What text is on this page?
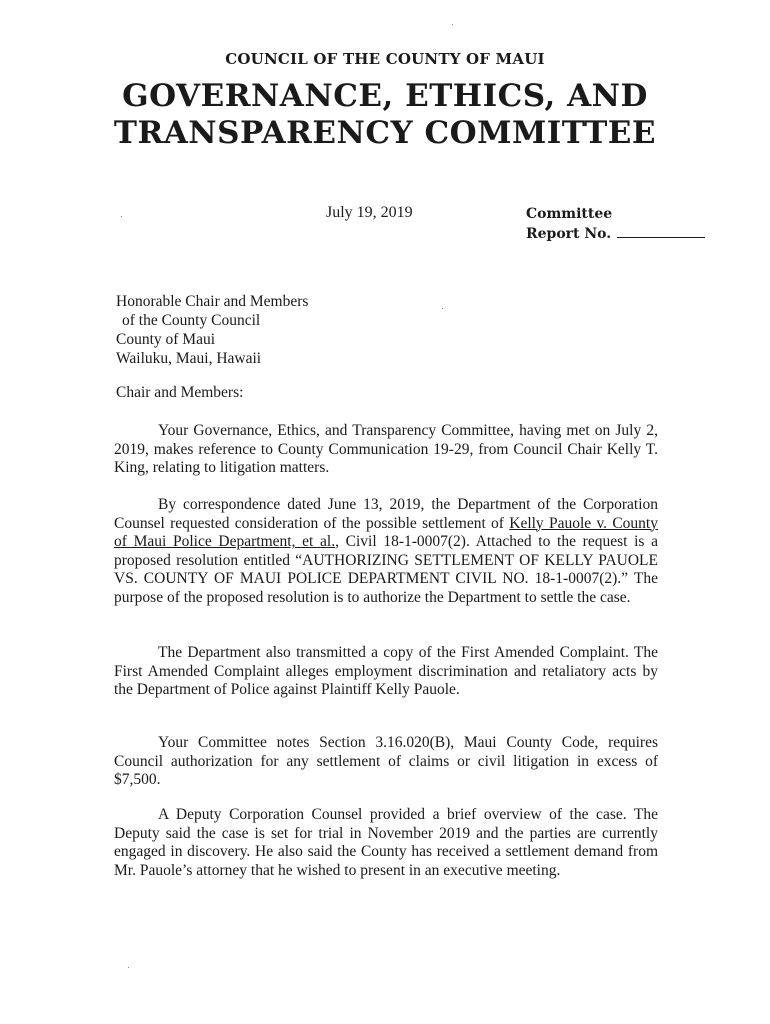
COUNCIL OF THE COUNTY OF MAUI
GOVERNANCE, ETHICS, AND
TRANSPARENCY COMMITTEE
July 19, 2019	Committee
Report No.
Honorable Chair and Members
of the County Council
County of Maui
Wailuku, Maui, Hawaii
Chair and Members:
Your Governance, Ethics, and Transparency Committee, having met on July 2, 2019, makes reference to County Communication 19-29, from Council Chair Kelly T. King, relating to litigation matters.
By correspondence dated June 13, 2019, the Department of the Corporation Counsel requested consideration of the possible settlement of Kelly Pauole v. County of Maui Police Department, et al., Civil 18-1-0007(2). Attached to the request is a proposed resolution entitled “AUTHORIZING SETTLEMENT OF KELLY PAUOLE VS. COUNTY OF MAUI POLICE DEPARTMENT CIVIL NO. 18-1-0007(2).” The purpose of the proposed resolution is to authorize the Department to settle the case.
The Department also transmitted a copy of the First Amended Complaint. The First Amended Complaint alleges employment discrimination and retaliatory acts by the Department of Police against Plaintiff Kelly Pauole.
Your Committee notes Section 3.16.020(B), Maui County Code, requires Council authorization for any settlement of claims or civil litigation in excess of $7,500.
A Deputy Corporation Counsel provided a brief overview of the case. The Deputy said the case is set for trial in November 2019 and the parties are currently engaged in discovery. He also said the County has received a settlement demand from Mr. Pauole’s attorney that he wished to present in an executive meeting.
